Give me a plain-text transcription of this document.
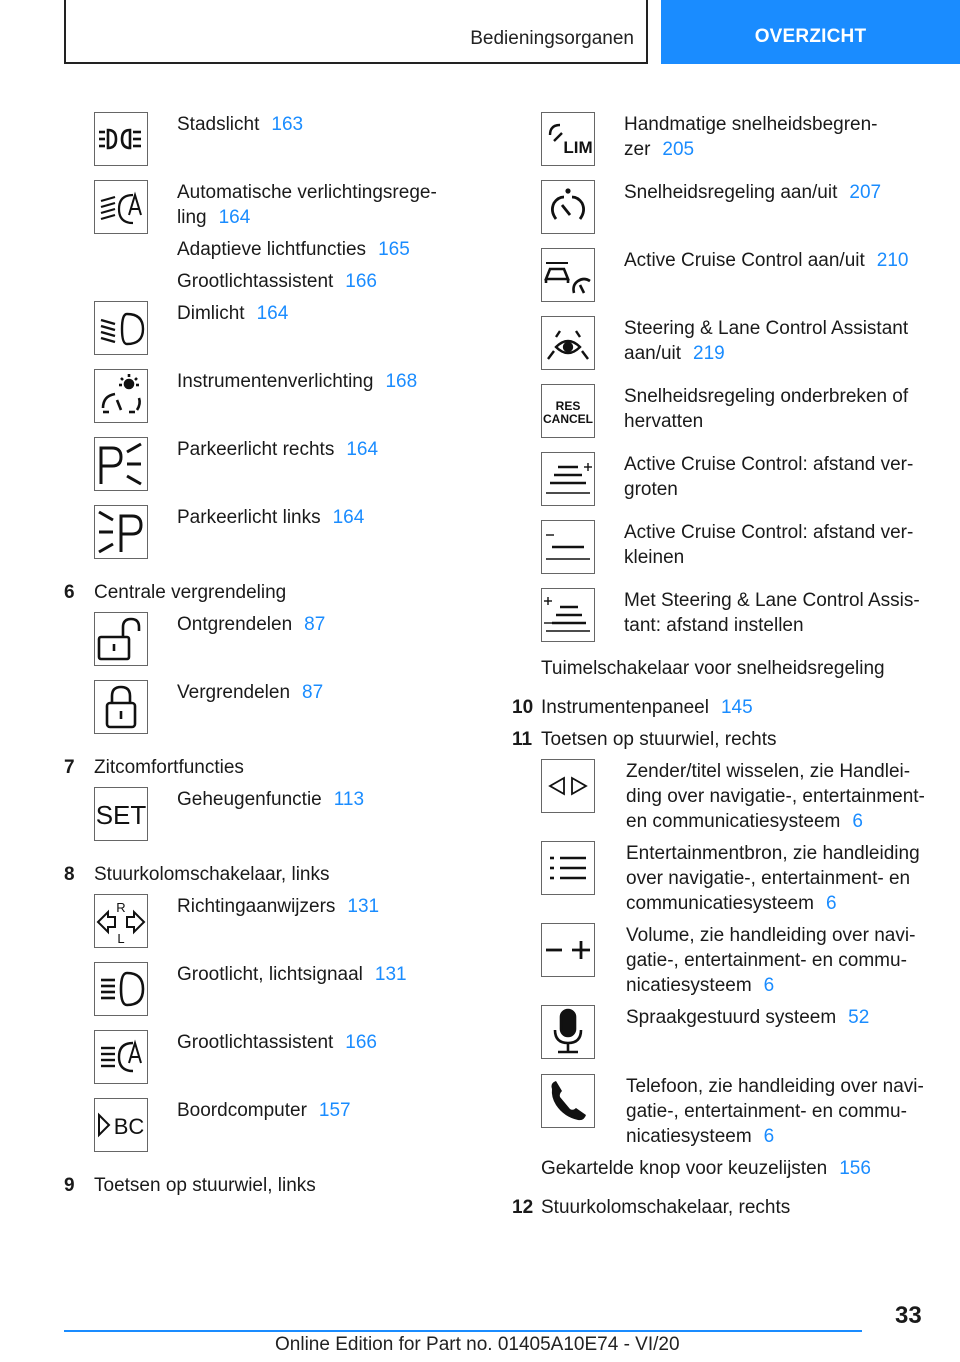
Bedieningsorganen	OVERZICHT
Stadslicht 163
Automatische verlichtingsrege-
ling 164
Adaptieve lichtfuncties 165
Grootlichtassistent 166
Dimlicht 164
Instrumentenverlichting 168
Parkeerlicht rechts 164
Parkeerlicht links 164
6 Centrale vergrendeling
Ontgrendelen 87
Vergrendelen 87
7 Zitcomfortfuncties
SET
Geheugenfunctie 113
8 Stuurkolomschakelaar, links
R
L
Richtingaanwijzers 131
Grootlicht, lichtsignaal 131
Grootlichtassistent 166
BC
Boordcomputer 157
9 Toetsen op stuurwiel, links
LIM
Handmatige snelheidsbegren-
zer 205
Snelheidsregeling aan/uit 207
Active Cruise Control aan/uit 210
Steering & Lane Control Assistant
aan/uit 219
RES
CANCEL
Snelheidsregeling onderbreken of
hervatten
Active Cruise Control: afstand ver-
groten
Active Cruise Control: afstand ver-
kleinen
Met Steering & Lane Control Assis-
tant: afstand instellen
Tuimelschakelaar voor snelheidsregeling
10 Instrumentenpaneel 145
11 Toetsen op stuurwiel, rechts
Zender/titel wisselen, zie Handlei-
ding over navigatie-, entertainment-
en communicatiesysteem 6
Entertainmentbron, zie handleiding
over navigatie-, entertainment- en
communicatiesysteem 6
Volume, zie handleiding over navi-
gatie-, entertainment- en commu-
nicatiesysteem 6
Spraakgestuurd systeem 52
Telefoon, zie handleiding over navi-
gatie-, entertainment- en commu-
nicatiesysteem 6
Gekartelde knop voor keuzelijsten 156
12 Stuurkolomschakelaar, rechts
33
Online Edition for Part no. 01405A10E74 - VI/20
